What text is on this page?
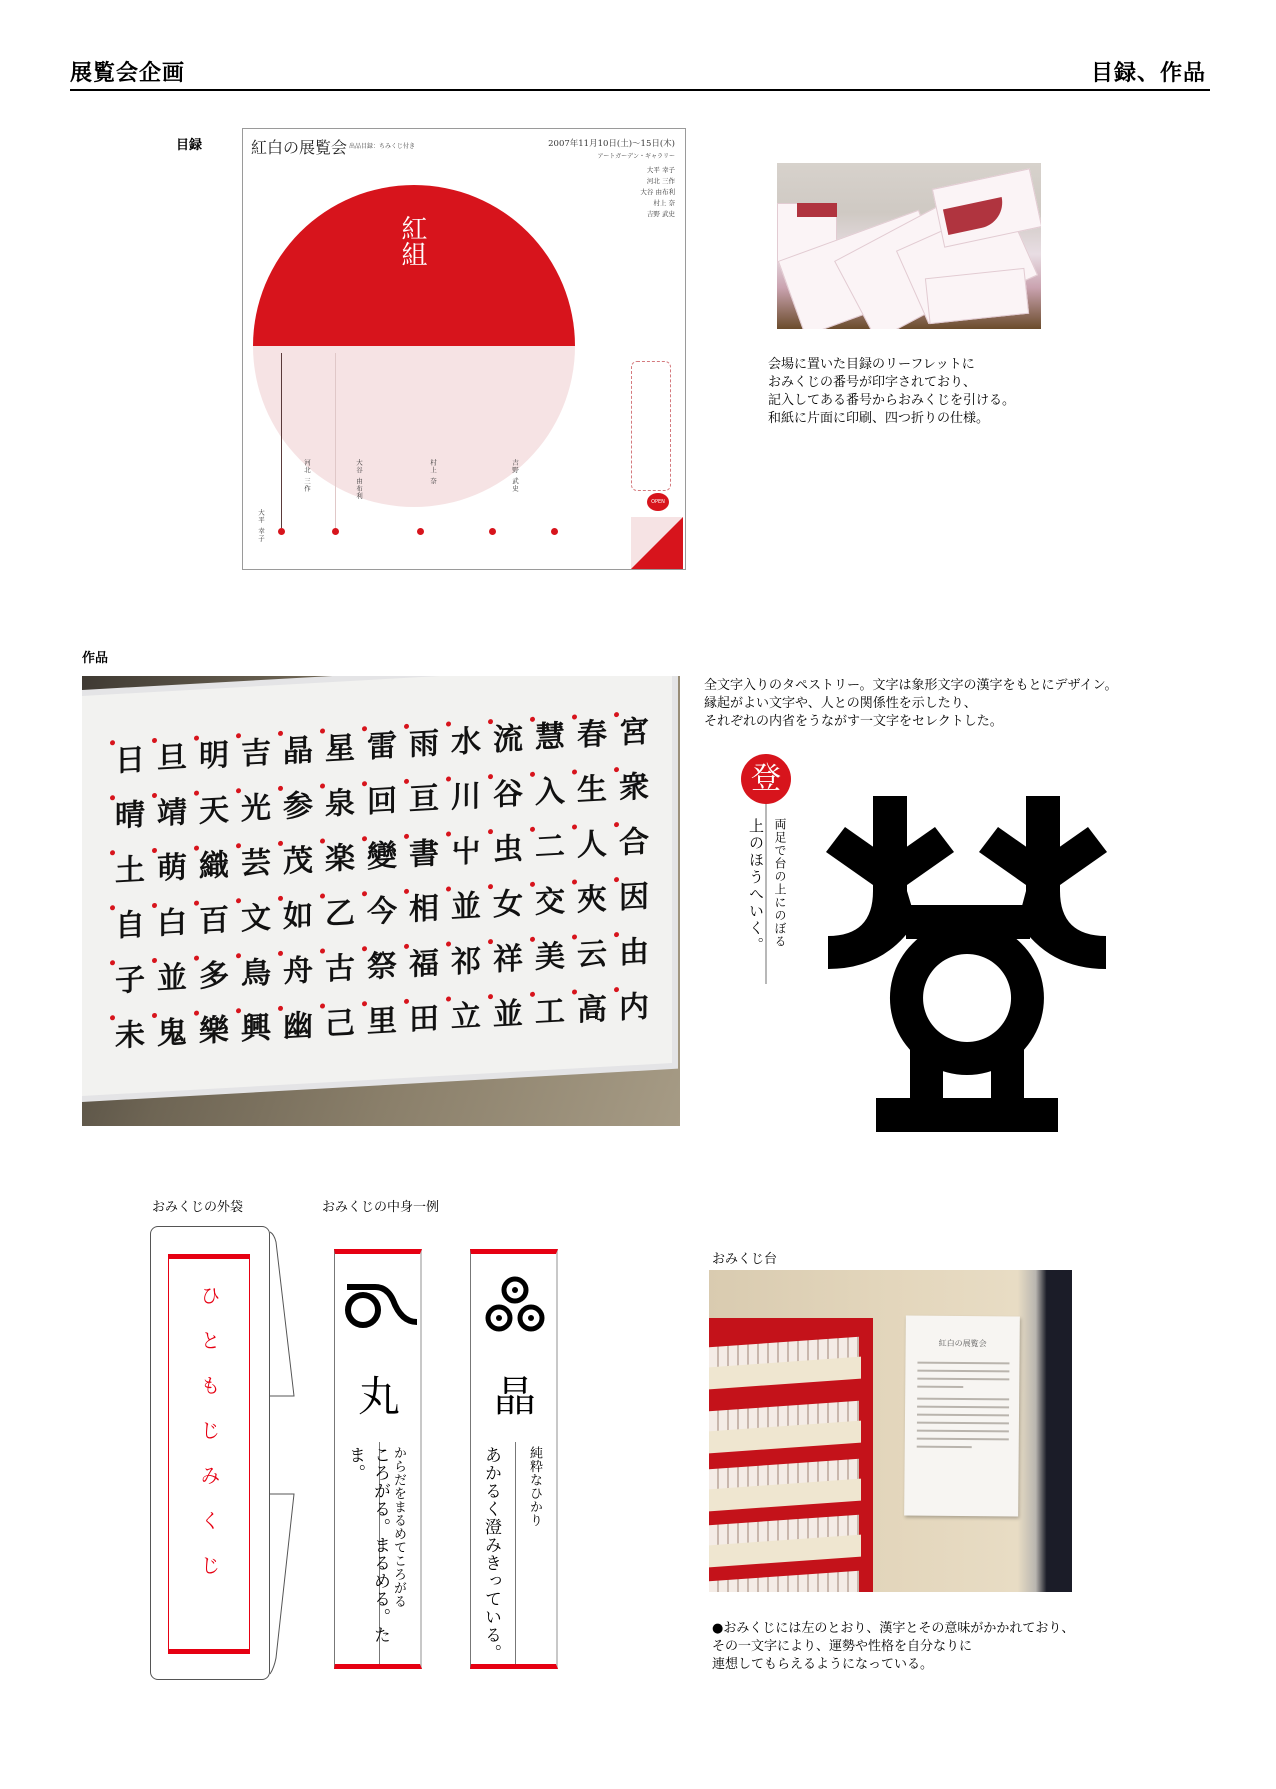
展覧会企画	目録、作品
目録	紅白の展覧会 出品目録：ちみくじ付き	2007年11月10日(土)〜15日(木)
アートガーデン・ギャラリー
大平 幸子
河北 三作
大谷 由布利
村上 奈
吉野 武史
紅組
大平 幸子
河北 三作	大谷 由布利	村上 奈	吉野 武史
OPEN
会場に置いた目録のリーフレットに
おみくじの番号が印字されており、
記入してある番号からおみくじを引ける。
和紙に片面に印刷、四つ折りの仕様。
作品
日 旦 明 吉 晶 星 雷 雨 水 流 慧 春 宮
晴 靖 天 光 参 泉 回 亘 川 谷 入 生 衆
土 萌 織 芸 茂 楽 變 書 屮 虫 二 人 合
自 白 百 文 如 乙 今 相 並 女 交 夾 因
子 並 多 鳥 舟 古 祭 福 祁 祥 美 云 由
未 鬼 樂 興 幽 己 里 田 立 並 工 高 内
全文字入りのタペストリー。文字は象形文字の漢字をもとにデザイン。
縁起がよい文字や、人との関係性を示したり、
それぞれの内省をうながす一文字をセレクトした。
登
両足で台の上にのぼる
上のほうへいく。
おみくじの外袋	おみくじの中身一例
ひともじみくじ	丸
ころがる。まるめる。たま。	からだをまるめてころがる
晶
あかるく澄みきっている。 純粋なひかり
おみくじ台
紅白の展覧会
●おみくじには左のとおり、漢字とその意味がかかれており、
その一文字により、運勢や性格を自分なりに
連想してもらえるようになっている。
